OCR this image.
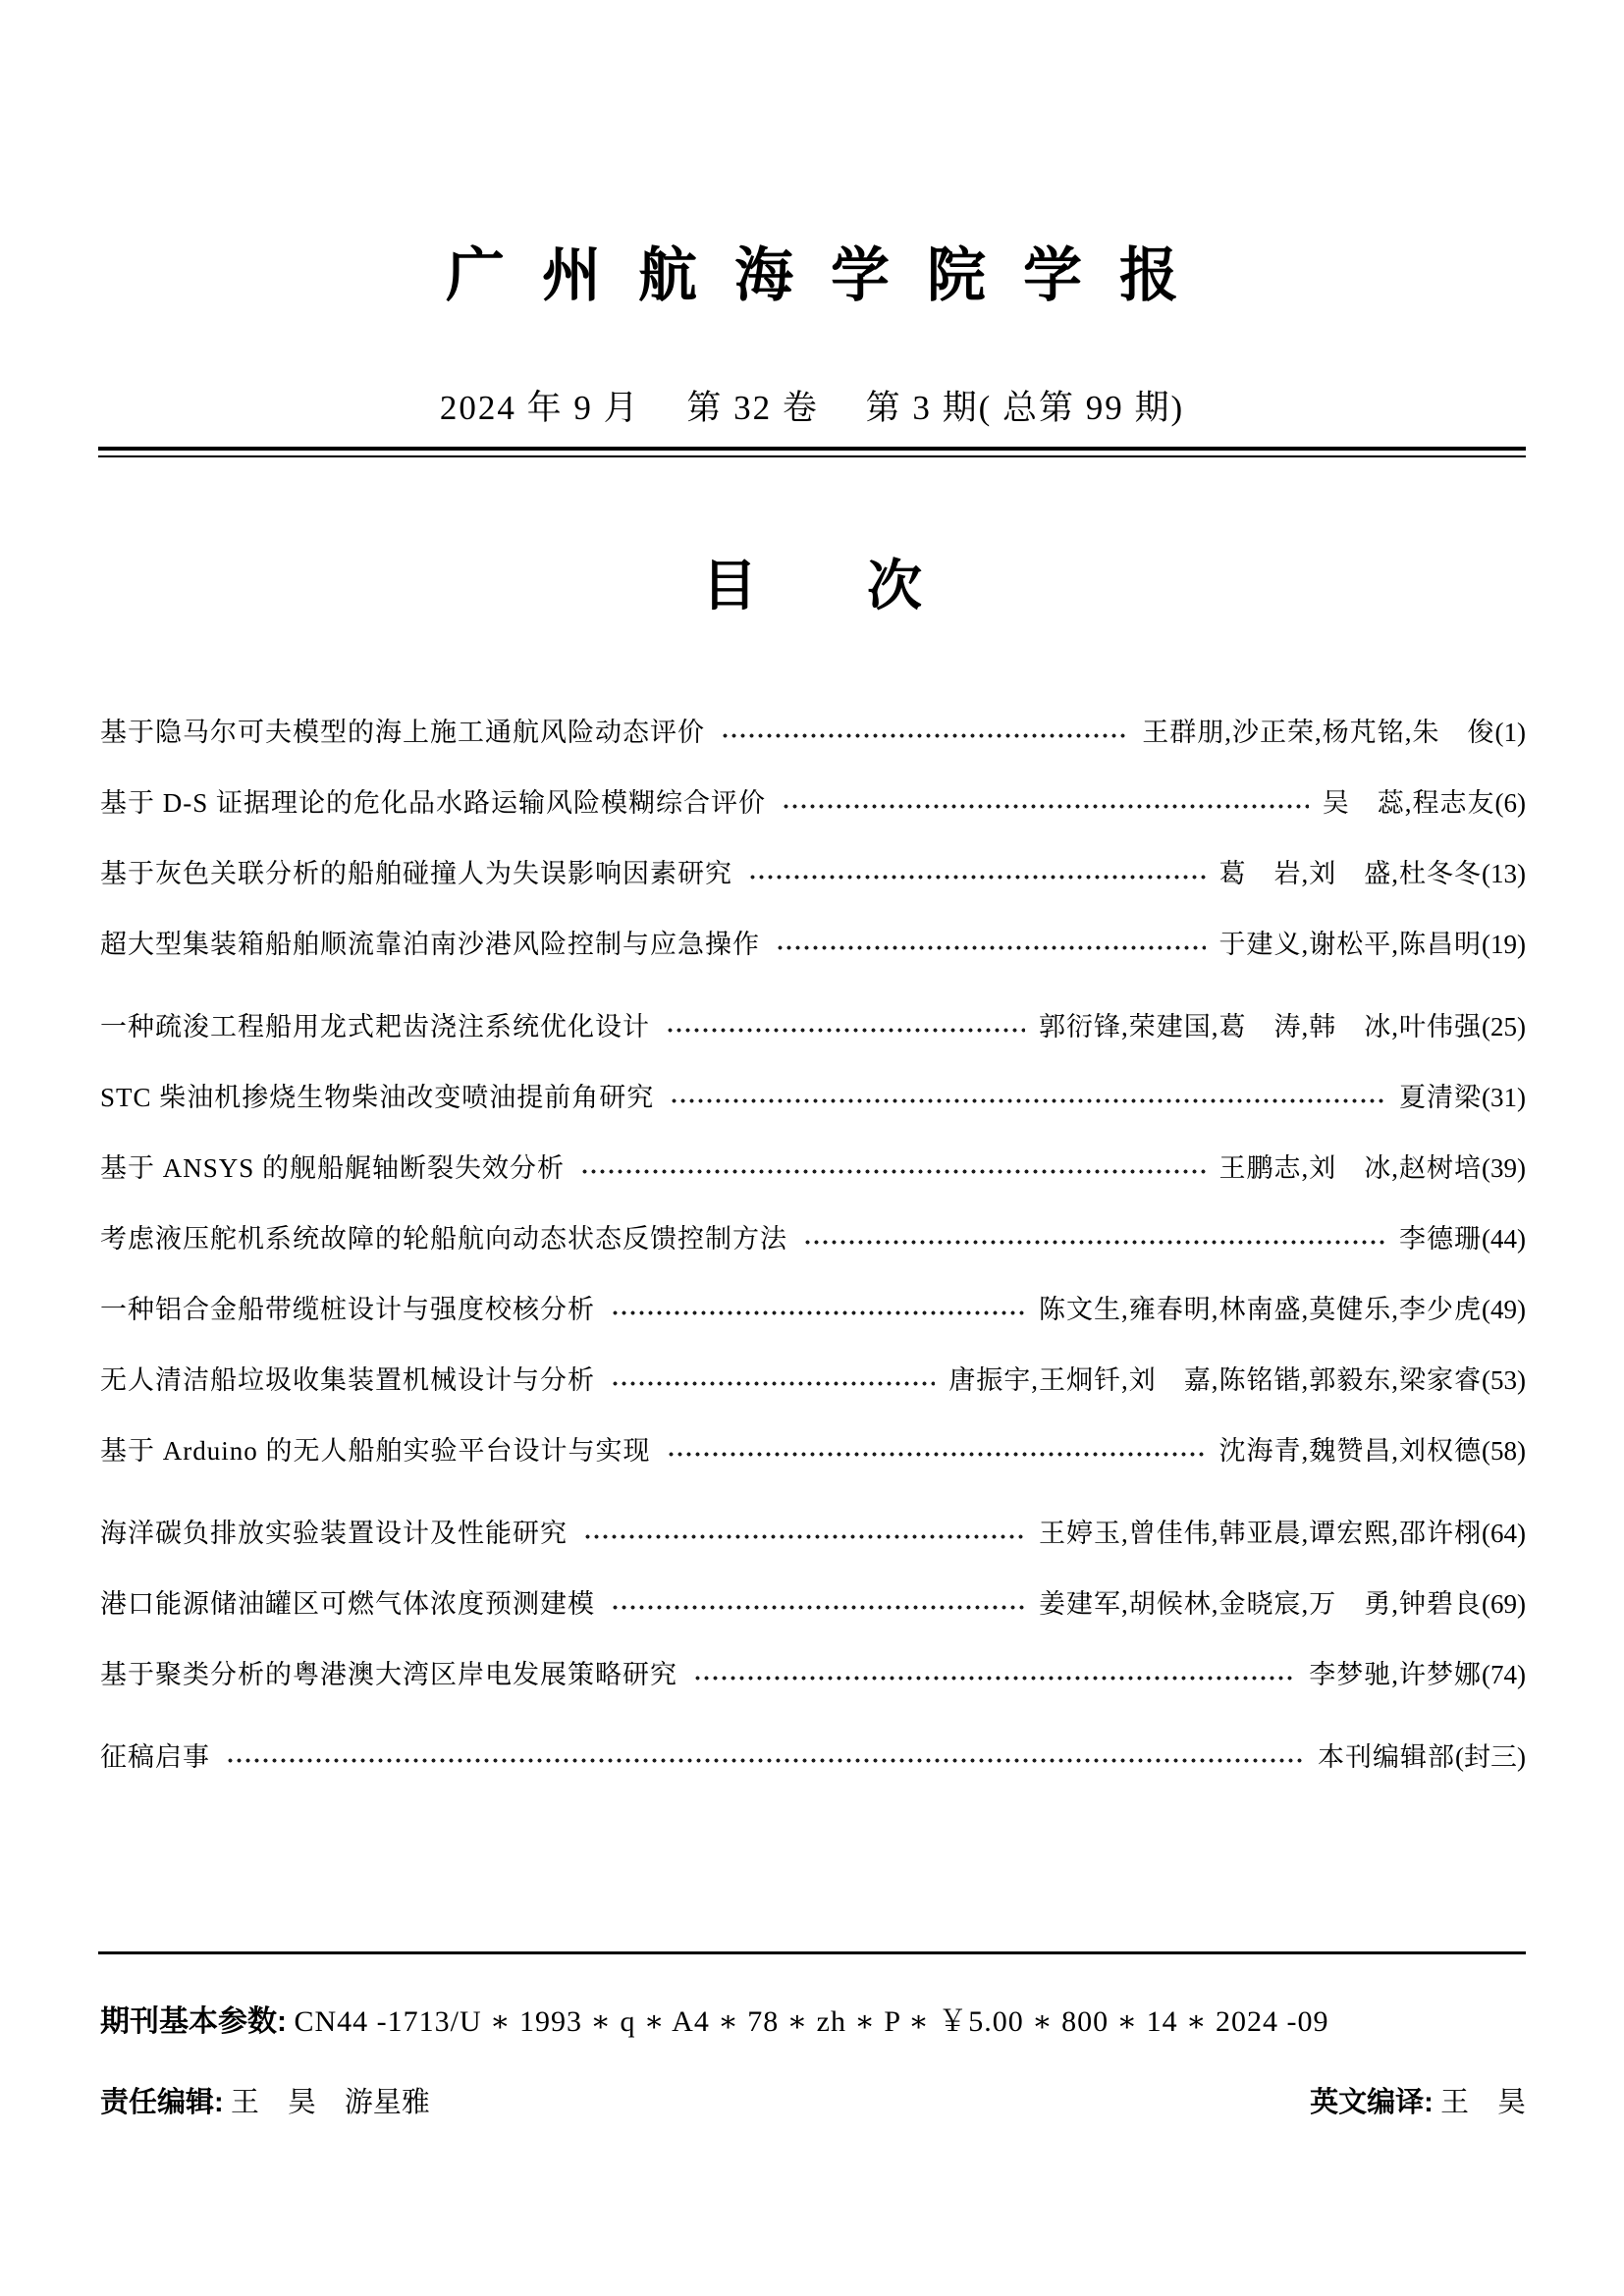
广州航海学院学报
2024 年 9 月　 第 32 卷　 第 3 期( 总第 99 期)
目　　次
基于隐马尔可夫模型的海上施工通航风险动态评价	王群朋,沙正荣,杨芃铭,朱　俊 (1)
基于 D-S 证据理论的危化品水路运输风险模糊综合评价	吴　蕊,程志友 (6)
基于灰色关联分析的船舶碰撞人为失误影响因素研究	葛　岩,刘　盛,杜冬冬 (13)
超大型集装箱船舶顺流靠泊南沙港风险控制与应急操作	于建义,谢松平,陈昌明 (19)
一种疏浚工程船用龙式耙齿浇注系统优化设计	郭衍锋,荣建国,葛　涛,韩　冰,叶伟强 (25)
STC 柴油机掺烧生物柴油改变喷油提前角研究	夏清梁 (31)
基于 ANSYS 的舰船艉轴断裂失效分析	王鹏志,刘　冰,赵树培 (39)
考虑液压舵机系统故障的轮船航向动态状态反馈控制方法	李德珊 (44)
一种铝合金船带缆桩设计与强度校核分析	陈文生,雍春明,林南盛,莫健乐,李少虎 (49)
无人清洁船垃圾收集装置机械设计与分析	唐振宇,王炯钎,刘　嘉,陈铭锴,郭毅东,梁家睿 (53)
基于 Arduino 的无人船舶实验平台设计与实现	沈海青,魏赞昌,刘权德 (58)
海洋碳负排放实验装置设计及性能研究	王婷玉,曾佳伟,韩亚晨,谭宏熙,邵许栩 (64)
港口能源储油罐区可燃气体浓度预测建模	姜建军,胡候林,金晓宸,万　勇,钟碧良 (69)
基于聚类分析的粤港澳大湾区岸电发展策略研究	李梦驰,许梦娜 (74)
征稿启事	本刊编辑部 (封三)
期刊基本参数: CN44 -1713/U ∗ 1993 ∗ q ∗ A4 ∗ 78 ∗ zh ∗ P ∗ ￥5.00 ∗ 800 ∗ 14 ∗ 2024 -09
责任编辑: 王　昊　游星雅	英文编译: 王　昊
